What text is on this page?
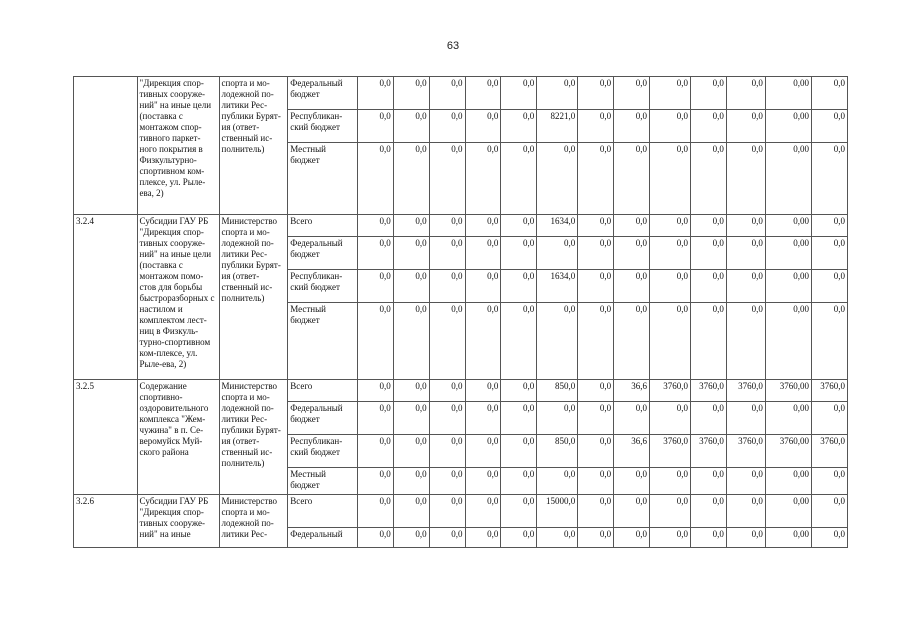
63
	"Дирекция спор-тивных сооруже-ний" на иные цели (поставка с монтажом спор-тивного паркет-ного покрытия в Физкультурно-спортивном ком-плексе, ул. Рыле-ева, 2)	спорта и мо-лодежной по-литики Рес-публики Бурят-ия (ответ-ственный ис-полнитель)	Федеральный бюджет	0,0	0,0	0,0	0,0	0,0	0,0	0,0	0,0	0,0	0,0	0,0	0,00	0,0
			Республикан-ский бюджет	0,0	0,0	0,0	0,0	0,0	8221,0	0,0	0,0	0,0	0,0	0,0	0,00	0,0
			Местный бюджет	0,0	0,0	0,0	0,0	0,0	0,0	0,0	0,0	0,0	0,0	0,0	0,00	0,0
3.2.4	Субсидии ГАУ РБ "Дирекция спор-тивных сооруже-ний" на иные цели (поставка с монтажом помо-стов для борьбы быстроразборных с настилом и комплектом лест-ниц в Физкуль-турно-спортивном ком-плексе, ул. Рыле-ева, 2)	Министерство спорта и мо-лодежной по-литики Рес-публики Бурят-ия (ответ-ственный ис-полнитель)	Всего	0,0	0,0	0,0	0,0	0,0	1634,0	0,0	0,0	0,0	0,0	0,0	0,00	0,0
			Федеральный бюджет	0,0	0,0	0,0	0,0	0,0	0,0	0,0	0,0	0,0	0,0	0,0	0,00	0,0
			Республикан-ский бюджет	0,0	0,0	0,0	0,0	0,0	1634,0	0,0	0,0	0,0	0,0	0,0	0,00	0,0
			Местный бюджет	0,0	0,0	0,0	0,0	0,0	0,0	0,0	0,0	0,0	0,0	0,0	0,00	0,0
3.2.5	Содержание спортивно-оздоровительного комплекса "Жем-чужина" в п. Се-веромуйск Муй-ского района	Министерство спорта и мо-лодежной по-литики Рес-публики Бурят-ия (ответ-ственный ис-полнитель)	Всего	0,0	0,0	0,0	0,0	0,0	850,0	0,0	36,6	3760,0	3760,0	3760,0	3760,00	3760,0
			Федеральный бюджет	0,0	0,0	0,0	0,0	0,0	0,0	0,0	0,0	0,0	0,0	0,0	0,00	0,0
			Республикан-ский бюджет	0,0	0,0	0,0	0,0	0,0	850,0	0,0	36,6	3760,0	3760,0	3760,0	3760,00	3760,0
			Местный бюджет	0,0	0,0	0,0	0,0	0,0	0,0	0,0	0,0	0,0	0,0	0,0	0,00	0,0
3.2.6	Субсидии ГАУ РБ "Дирекция спор-тивных сооруже-ний" на иные	Министерство спорта и мо-лодежной по-литики Рес-	Всего	0,0	0,0	0,0	0,0	0,0	15000,0	0,0	0,0	0,0	0,0	0,0	0,00	0,0
			Федеральный	0,0	0,0	0,0	0,0	0,0	0,0	0,0	0,0	0,0	0,0	0,0	0,00	0,0
